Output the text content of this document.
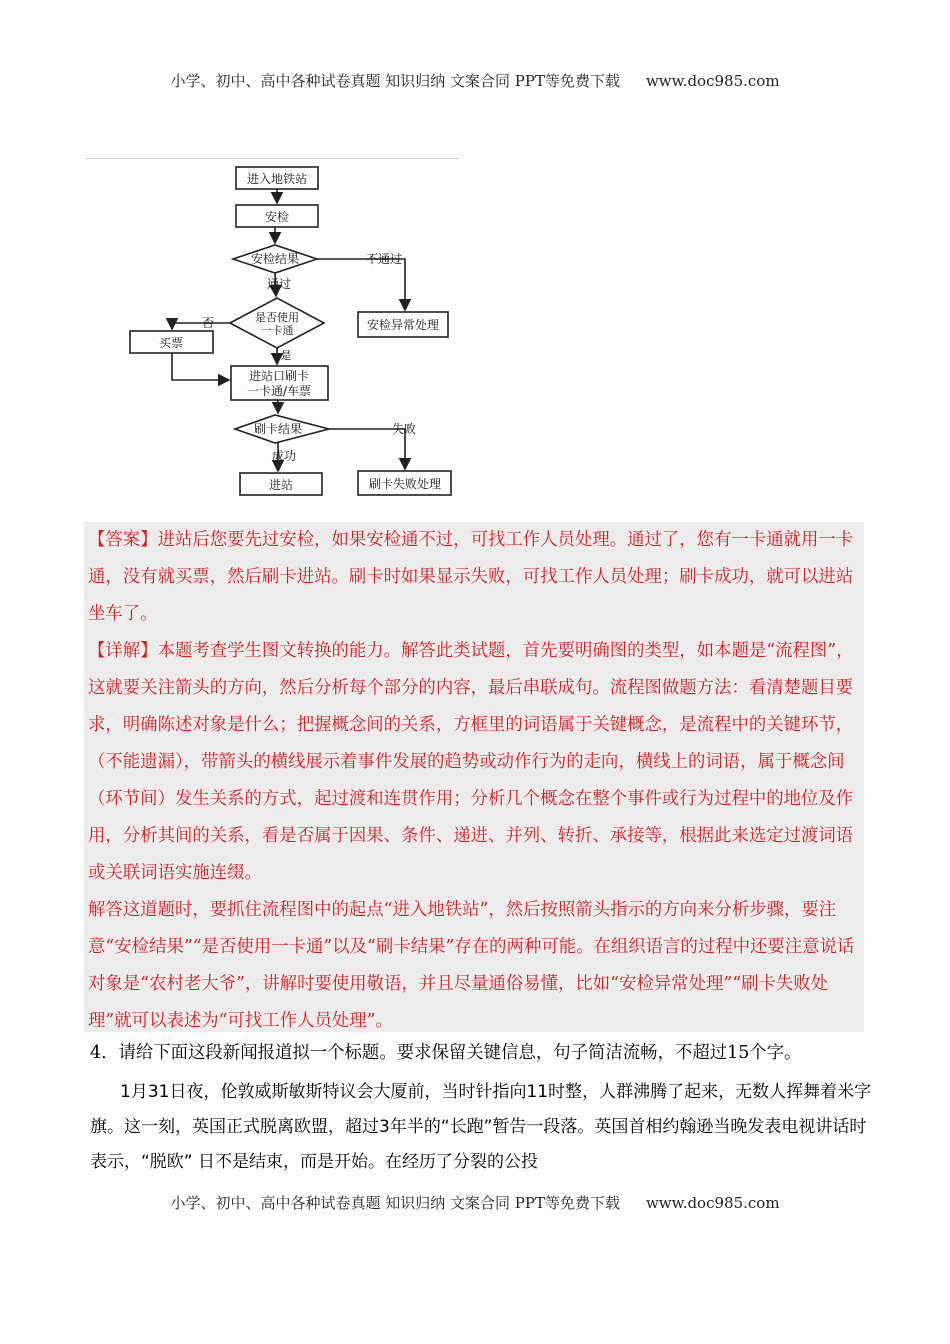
小学、初中、高中各种试卷真题 知识归纳 文案合同 PPT等免费下载 www.doc985.com
进入地铁站
安检
安检结果	不通过
通过
安检异常处理
是否使用
一卡通
否
是
买票
进站口刷卡
一卡通/车票
刷卡结果	失败
成功
进站	刷卡失败处理

【答案】进站后您要先过安检，如果安检通不过，可找工作人员处理。通过了，您有一卡通就用一卡通，没有就买票，然后刷卡进站。刷卡时如果显示失败，可找工作人员处理；刷卡成功，就可以进站坐车了。

【详解】本题考查学生图文转换的能力。解答此类试题，首先要明确图的类型，如本题是“流程图”，这就要关注箭头的方向，然后分析每个部分的内容，最后串联成句。流程图做题方法：看清楚题目要求，明确陈述对象是什么；把握概念间的关系，方框里的词语属于关键概念，是流程中的关键环节，（不能遗漏），带箭头的横线展示着事件发展的趋势或动作行为的走向，横线上的词语，属于概念间（环节间）发生关系的方式，起过渡和连贯作用；分析几个概念在整个事件或行为过程中的地位及作用，分析其间的关系，看是否属于因果、条件、递进、并列、转折、承接等，根据此来选定过渡词语或关联词语实施连缀。

解答这道题时，要抓住流程图中的起点“进入地铁站”，然后按照箭头指示的方向来分析步骤，要注意“安检结果”“是否使用一卡通”以及“刷卡结果”存在的两种可能。在组织语言的过程中还要注意说话对象是“农村老大爷”，讲解时要使用敬语，并且尽量通俗易懂，比如“安检异常处理”“刷卡失败处理”就可以表述为“可找工作人员处理”。

4．请给下面这段新闻报道拟一个标题。要求保留关键信息，句子简洁流畅，不超过15个字。
1月31日夜，伦敦威斯敏斯特议会大厦前，当时针指向11时整，人群沸腾了起来，无数人挥舞着米字旗。这一刻，英国正式脱离欧盟，超过3年半的“长跑”暂告一段落。英国首相约翰逊当晚发表电视讲话时表示，“脱欧” 日不是结束，而是开始。在经历了分裂的公投
小学、初中、高中各种试卷真题 知识归纳 文案合同 PPT等免费下载 www.doc985.com
